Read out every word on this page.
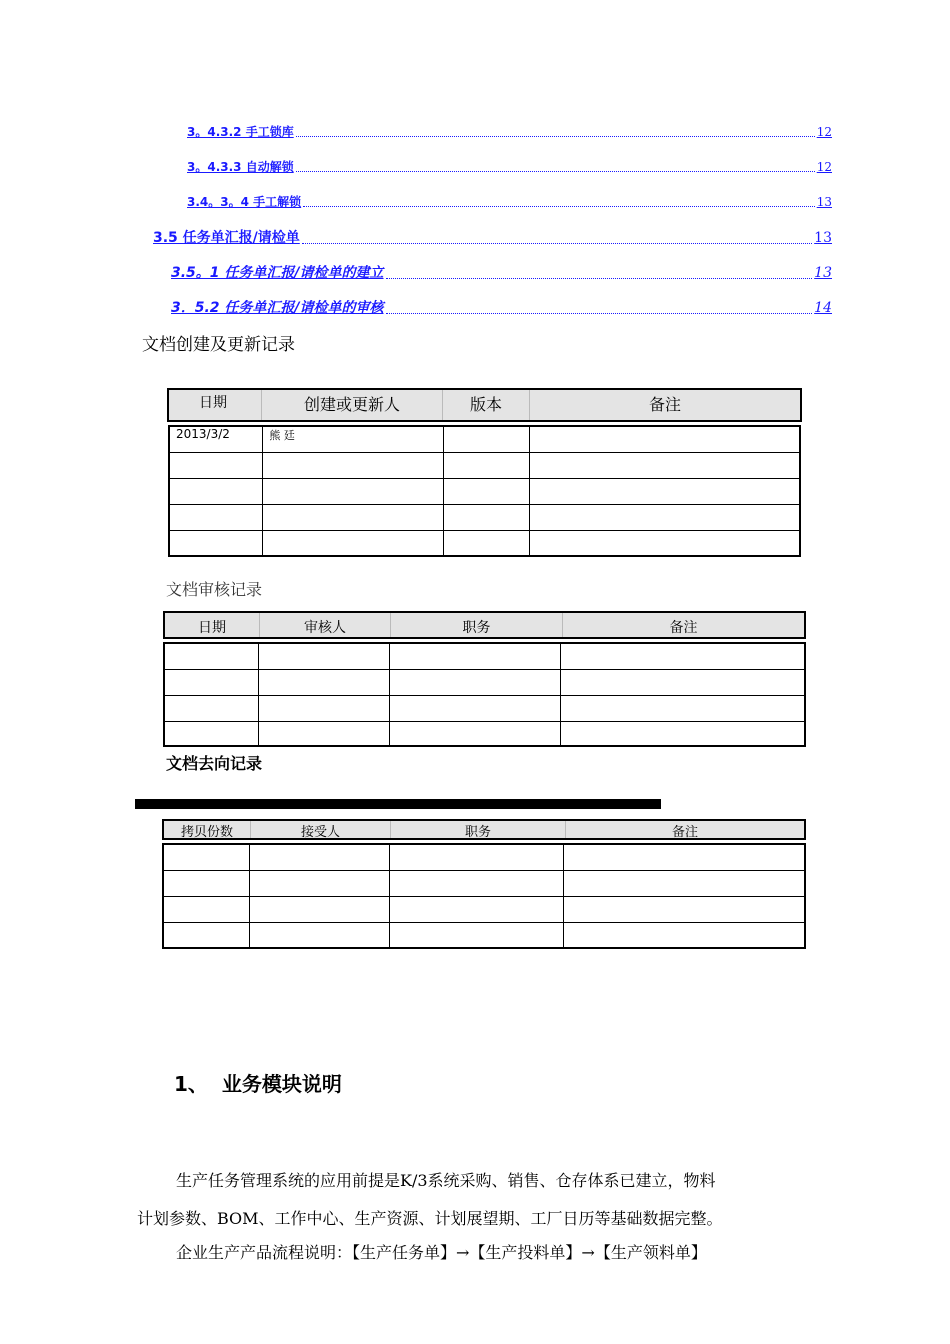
3。4.3.2 手工锁库	12
3。4.3.3 自动解锁	12
3.4。3。4 手工解锁	13
3.5 任务单汇报/请检单	13
3.5。1 任务单汇报/请检单的建立	13
3．5.2 任务单汇报/请检单的审核	14
文档创建及更新记录
日期	创建或更新人	版本	备注
2013/3/2	熊 廷		

文档审核记录
日期	审核人	职务	备注

文档去向记录
拷贝份数	接受人	职务	备注

1、 业务模块说明
生产任务管理系统的应用前提是K/3系统采购、销售、仓存体系已建立，物料
计划参数、BOM、工作中心、生产资源、计划展望期、工厂日历等基础数据完整。
企业生产产品流程说明：【生产任务单】→【生产投料单】→【生产领料单】
